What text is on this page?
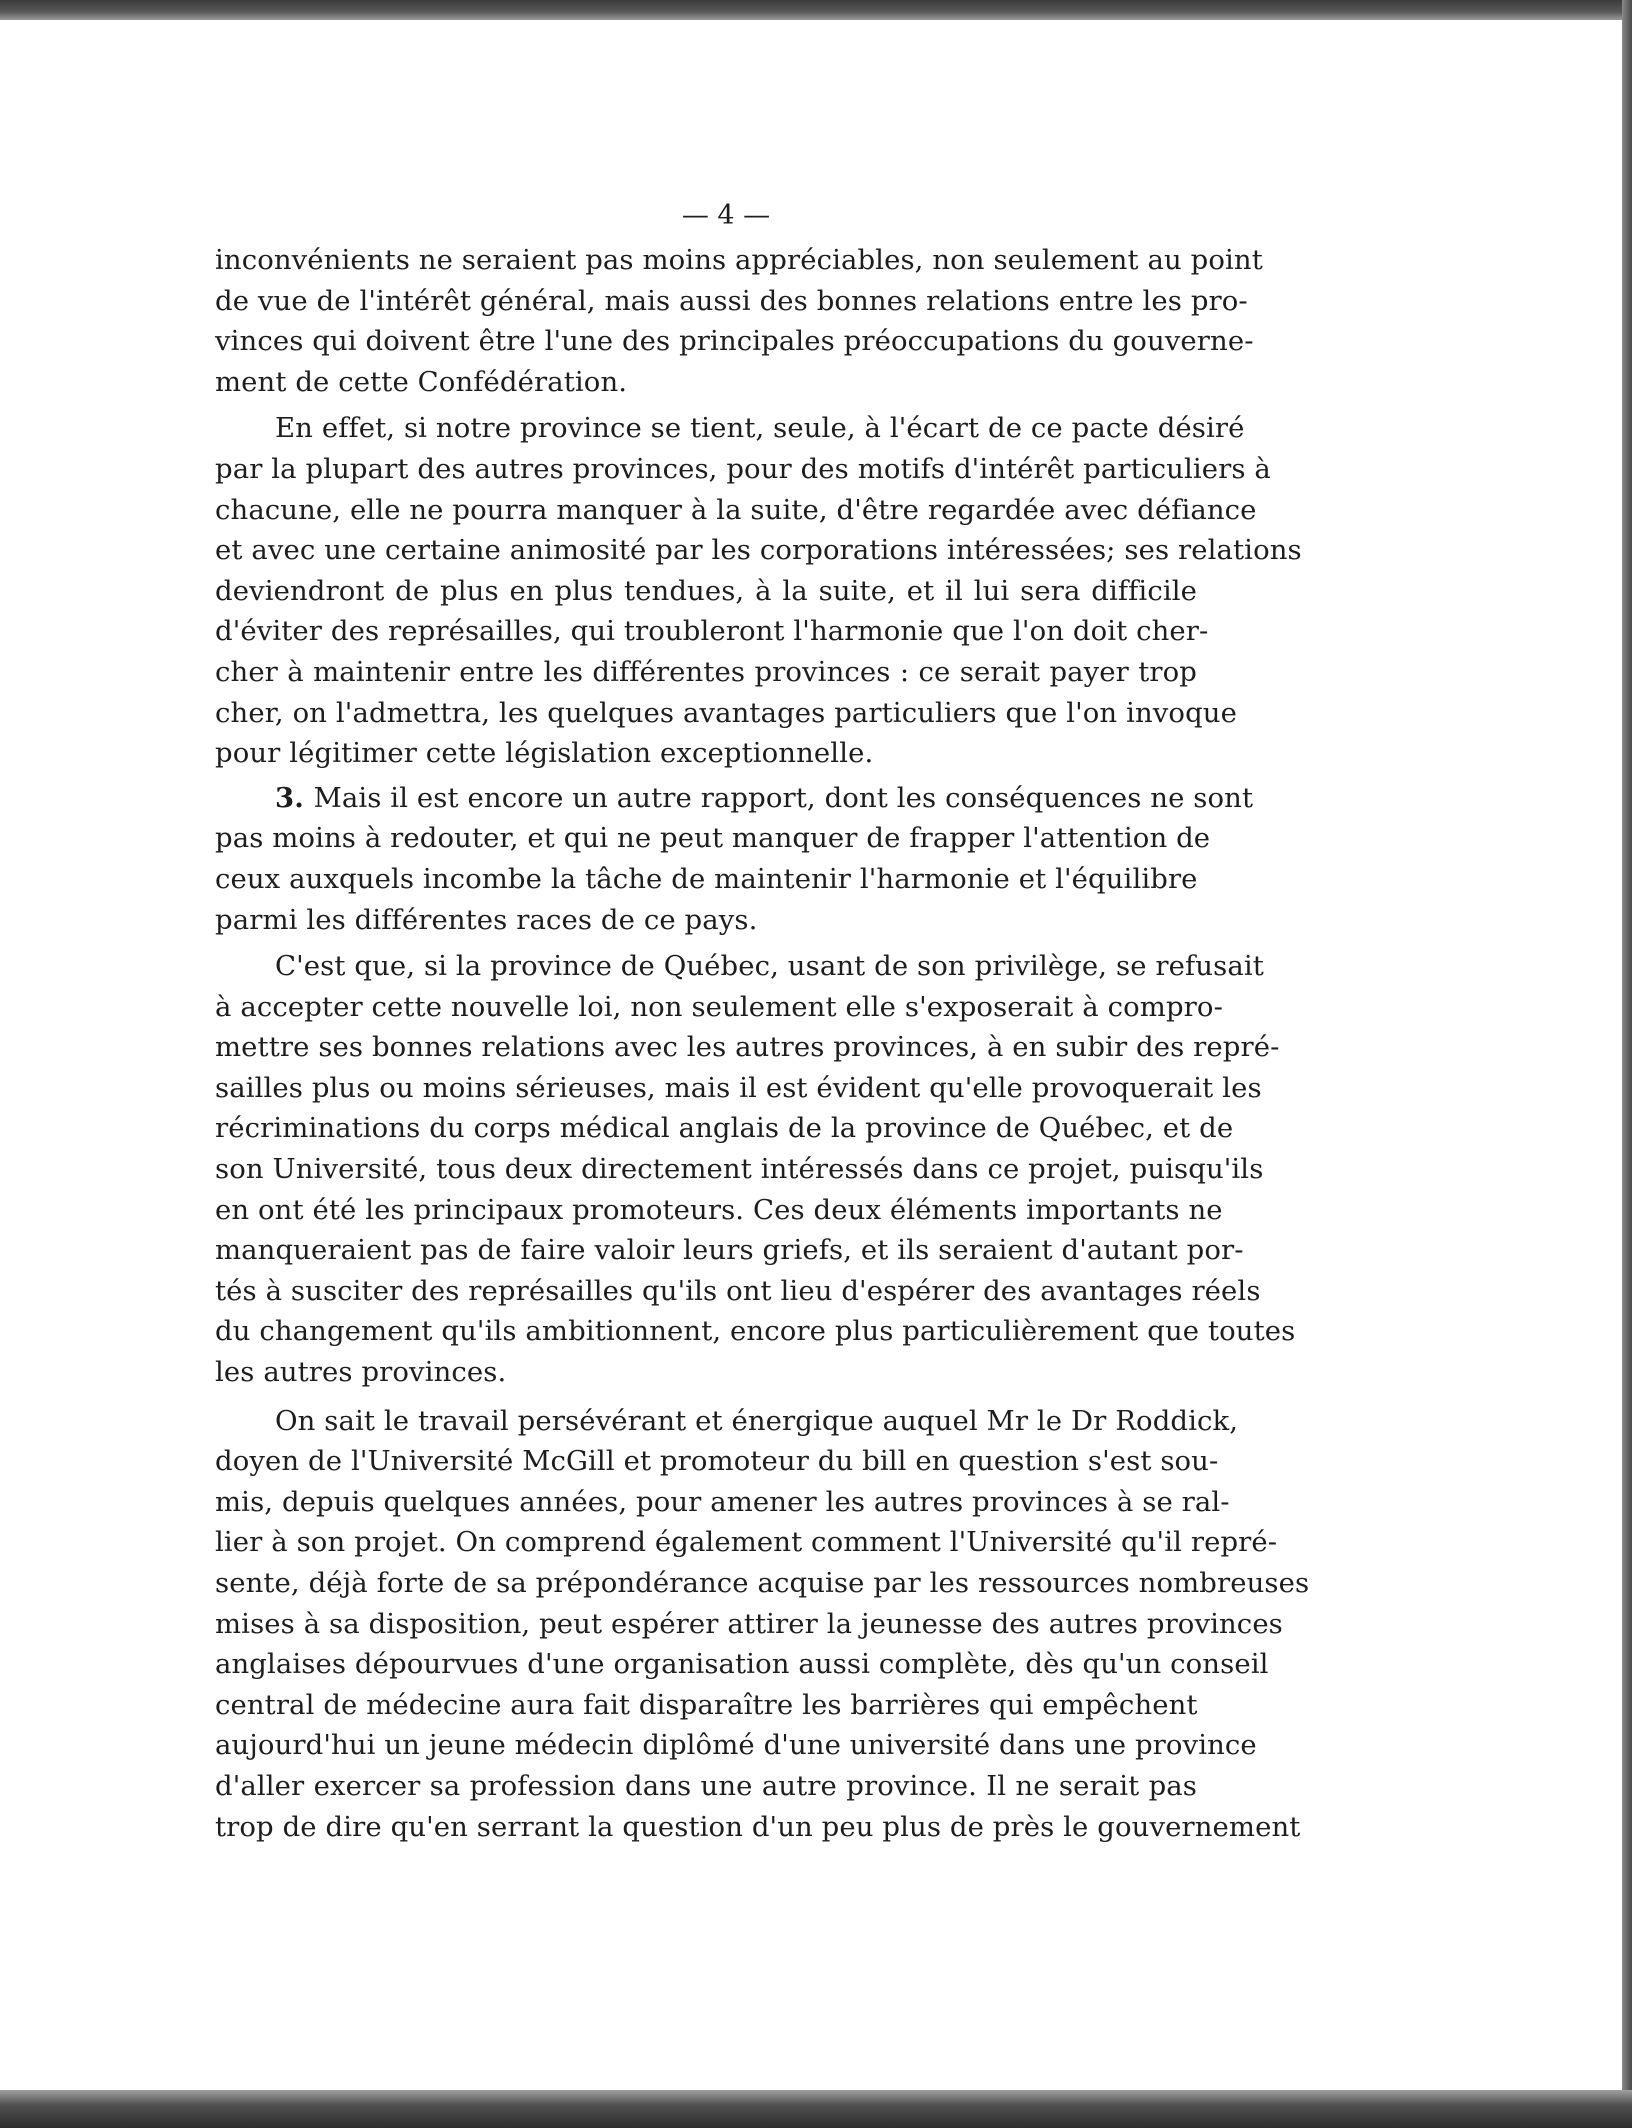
— 4 —
inconvénients ne seraient pas moins appréciables, non seulement au point
de vue de l'intérêt général, mais aussi des bonnes relations entre les pro-
vinces qui doivent être l'une des principales préoccupations du gouverne-
ment de cette Confédération.
En effet, si notre province se tient, seule, à l'écart de ce pacte désiré
par la plupart des autres provinces, pour des motifs d'intérêt particuliers à
chacune, elle ne pourra manquer à la suite, d'être regardée avec défiance
et avec une certaine animosité par les corporations intéressées; ses relations
deviendront de plus en plus tendues, à la suite, et il lui sera difficile
d'éviter des représailles, qui troubleront l'harmonie que l'on doit cher-
cher à maintenir entre les différentes provinces : ce serait payer trop
cher, on l'admettra, les quelques avantages particuliers que l'on invoque
pour légitimer cette législation exceptionnelle.
3. Mais il est encore un autre rapport, dont les conséquences ne sont
pas moins à redouter, et qui ne peut manquer de frapper l'attention de
ceux auxquels incombe la tâche de maintenir l'harmonie et l'équilibre
parmi les différentes races de ce pays.
C'est que, si la province de Québec, usant de son privilège, se refusait
à accepter cette nouvelle loi, non seulement elle s'exposerait à compro-
mettre ses bonnes relations avec les autres provinces, à en subir des repré-
sailles plus ou moins sérieuses, mais il est évident qu'elle provoquerait les
récriminations du corps médical anglais de la province de Québec, et de
son Université, tous deux directement intéressés dans ce projet, puisqu'ils
en ont été les principaux promoteurs. Ces deux éléments importants ne
manqueraient pas de faire valoir leurs griefs, et ils seraient d'autant por-
tés à susciter des représailles qu'ils ont lieu d'espérer des avantages réels
du changement qu'ils ambitionnent, encore plus particulièrement que toutes
les autres provinces.
On sait le travail persévérant et énergique auquel Mr le Dr Roddick,
doyen de l'Université McGill et promoteur du bill en question s'est sou-
mis, depuis quelques années, pour amener les autres provinces à se ral-
lier à son projet. On comprend également comment l'Université qu'il repré-
sente, déjà forte de sa prépondérance acquise par les ressources nombreuses
mises à sa disposition, peut espérer attirer la jeunesse des autres provinces
anglaises dépourvues d'une organisation aussi complète, dès qu'un conseil
central de médecine aura fait disparaître les barrières qui empêchent
aujourd'hui un jeune médecin diplômé d'une université dans une province
d'aller exercer sa profession dans une autre province. Il ne serait pas
trop de dire qu'en serrant la question d'un peu plus de près le gouvernement
